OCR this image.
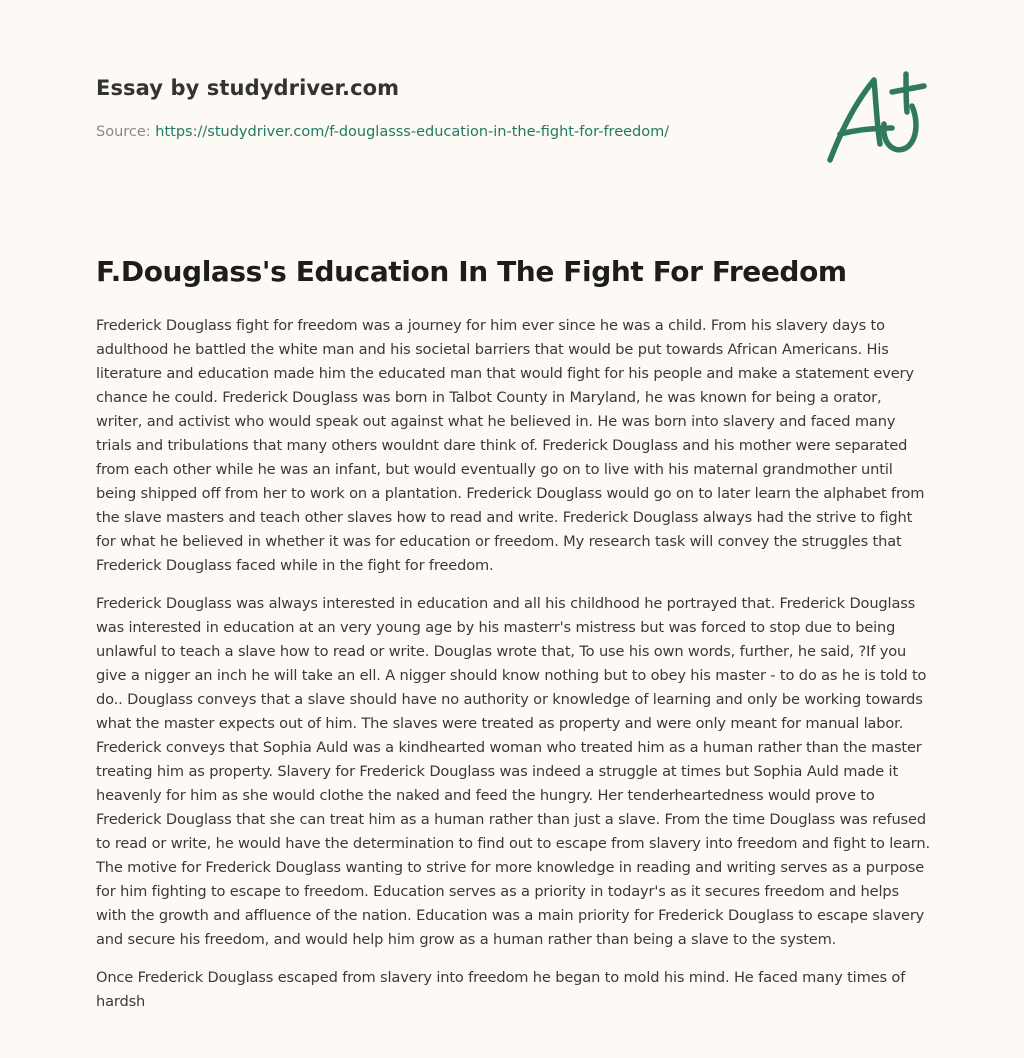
Essay by studydriver.com
Source: https://studydriver.com/f-douglasss-education-in-the-fight-for-freedom/
F.Douglass's Education In The Fight For Freedom

Frederick Douglass fight for freedom was a journey for him ever since he was a child. From his slavery days to adulthood he battled the white man and his societal barriers that would be put towards African Americans. His literature and education made him the educated man that would fight for his people and make a statement every chance he could. Frederick Douglass was born in Talbot County in Maryland, he was known for being a orator, writer, and activist who would speak out against what he believed in. He was born into slavery and faced many trials and tribulations that many others wouldnt dare think of. Frederick Douglass and his mother were separated from each other while he was an infant, but would eventually go on to live with his maternal grandmother until being shipped off from her to work on a plantation. Frederick Douglass would go on to later learn the alphabet from the slave masters and teach other slaves how to read and write. Frederick Douglass always had the strive to fight for what he believed in whether it was for education or freedom. My research task will convey the struggles that Frederick Douglass faced while in the fight for freedom.

Frederick Douglass was always interested in education and all his childhood he portrayed that. Frederick Douglass was interested in education at an very young age by his masterr's mistress but was forced to stop due to being unlawful to teach a slave how to read or write. Douglas wrote that, To use his own words, further, he said, ?If you give a nigger an inch he will take an ell. A nigger should know nothing but to obey his master - to do as he is told to do.. Douglass conveys that a slave should have no authority or knowledge of learning and only be working towards what the master expects out of him. The slaves were treated as property and were only meant for manual labor. Frederick conveys that Sophia Auld was a kindhearted woman who treated him as a human rather than the master treating him as property. Slavery for Frederick Douglass was indeed a struggle at times but Sophia Auld made it heavenly for him as she would clothe the naked and feed the hungry. Her tenderheartedness would prove to Frederick Douglass that she can treat him as a human rather than just a slave. From the time Douglass was refused to read or write, he would have the determination to find out to escape from slavery into freedom and fight to learn. The motive for Frederick Douglass wanting to strive for more knowledge in reading and writing serves as a purpose for him fighting to escape to freedom. Education serves as a priority in todayr's as it secures freedom and helps with the growth and affluence of the nation. Education was a main priority for Frederick Douglass to escape slavery and secure his freedom, and would help him grow as a human rather than being a slave to the system.

Once Frederick Douglass escaped from slavery into freedom he began to mold his mind. He faced many times of hardsh
